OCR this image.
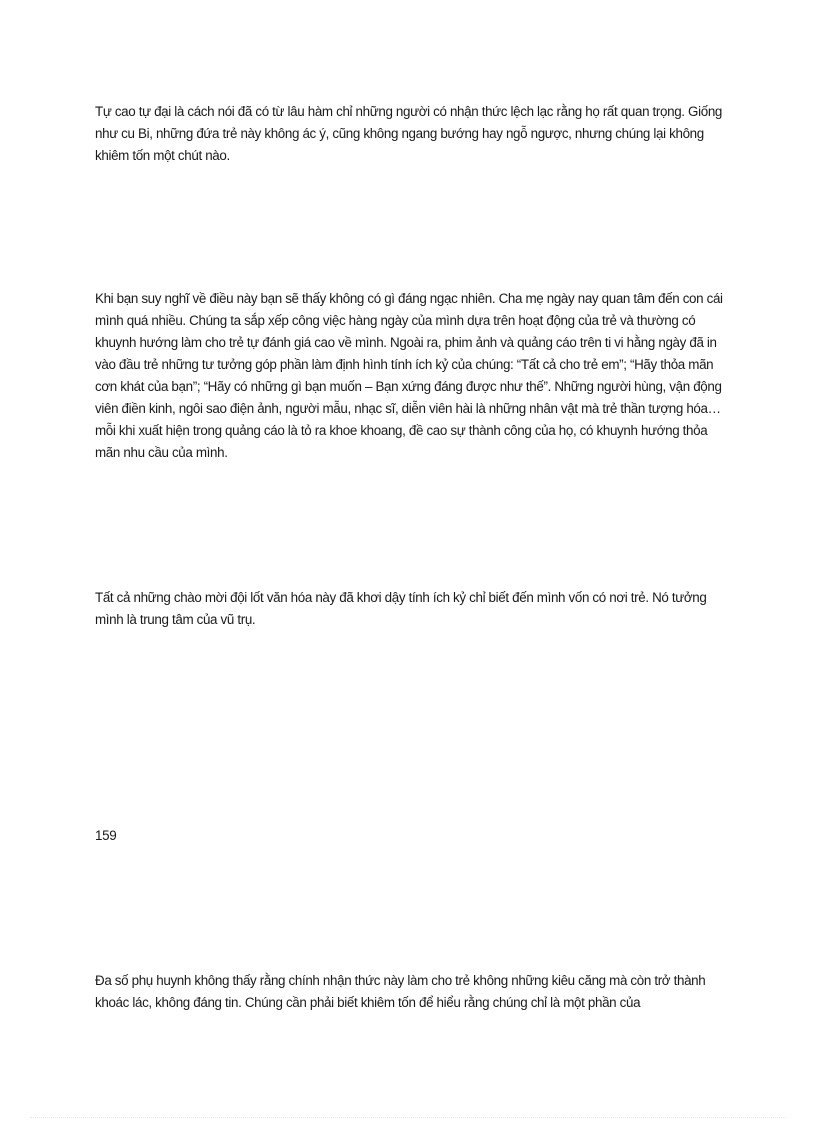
Tự cao tự đại là cách nói đã có từ lâu hàm chỉ những người có nhận thức lệch lạc rằng họ rất quan trọng. Giống như cu Bi, những đứa trẻ này không ác ý, cũng không ngang bướng hay ngỗ ngược, nhưng chúng lại không khiêm tốn một chút nào.

Khi bạn suy nghĩ về điều này bạn sẽ thấy không có gì đáng ngạc nhiên. Cha mẹ ngày nay quan tâm đến con cái mình quá nhiều. Chúng ta sắp xếp công việc hàng ngày của mình dựa trên hoạt động của trẻ và thường có khuynh hướng làm cho trẻ tự đánh giá cao về mình. Ngoài ra, phim ảnh và quảng cáo trên ti vi hằng ngày đã in vào đầu trẻ những tư tưởng góp phần làm định hình tính ích kỷ của chúng: “Tất cả cho trẻ em”; “Hãy thỏa mãn cơn khát của bạn”; “Hãy có những gì bạn muốn – Bạn xứng đáng được như thế”. Những người hùng, vận động viên điền kinh, ngôi sao điện ảnh, người mẫu, nhạc sĩ, diễn viên hài là những nhân vật mà trẻ thần tượng hóa… mỗi khi xuất hiện trong quảng cáo là tỏ ra khoe khoang, đề cao sự thành công của họ, có khuynh hướng thỏa mãn nhu cầu của mình.

Tất cả những chào mời đội lốt văn hóa này đã khơi dậy tính ích kỷ chỉ biết đến mình vốn có nơi trẻ. Nó tưởng mình là trung tâm của vũ trụ.

159

Đa số phụ huynh không thấy rằng chính nhận thức này làm cho trẻ không những kiêu căng mà còn trở thành khoác lác, không đáng tin. Chúng cần phải biết khiêm tốn để hiểu rằng chúng chỉ là một phần của
